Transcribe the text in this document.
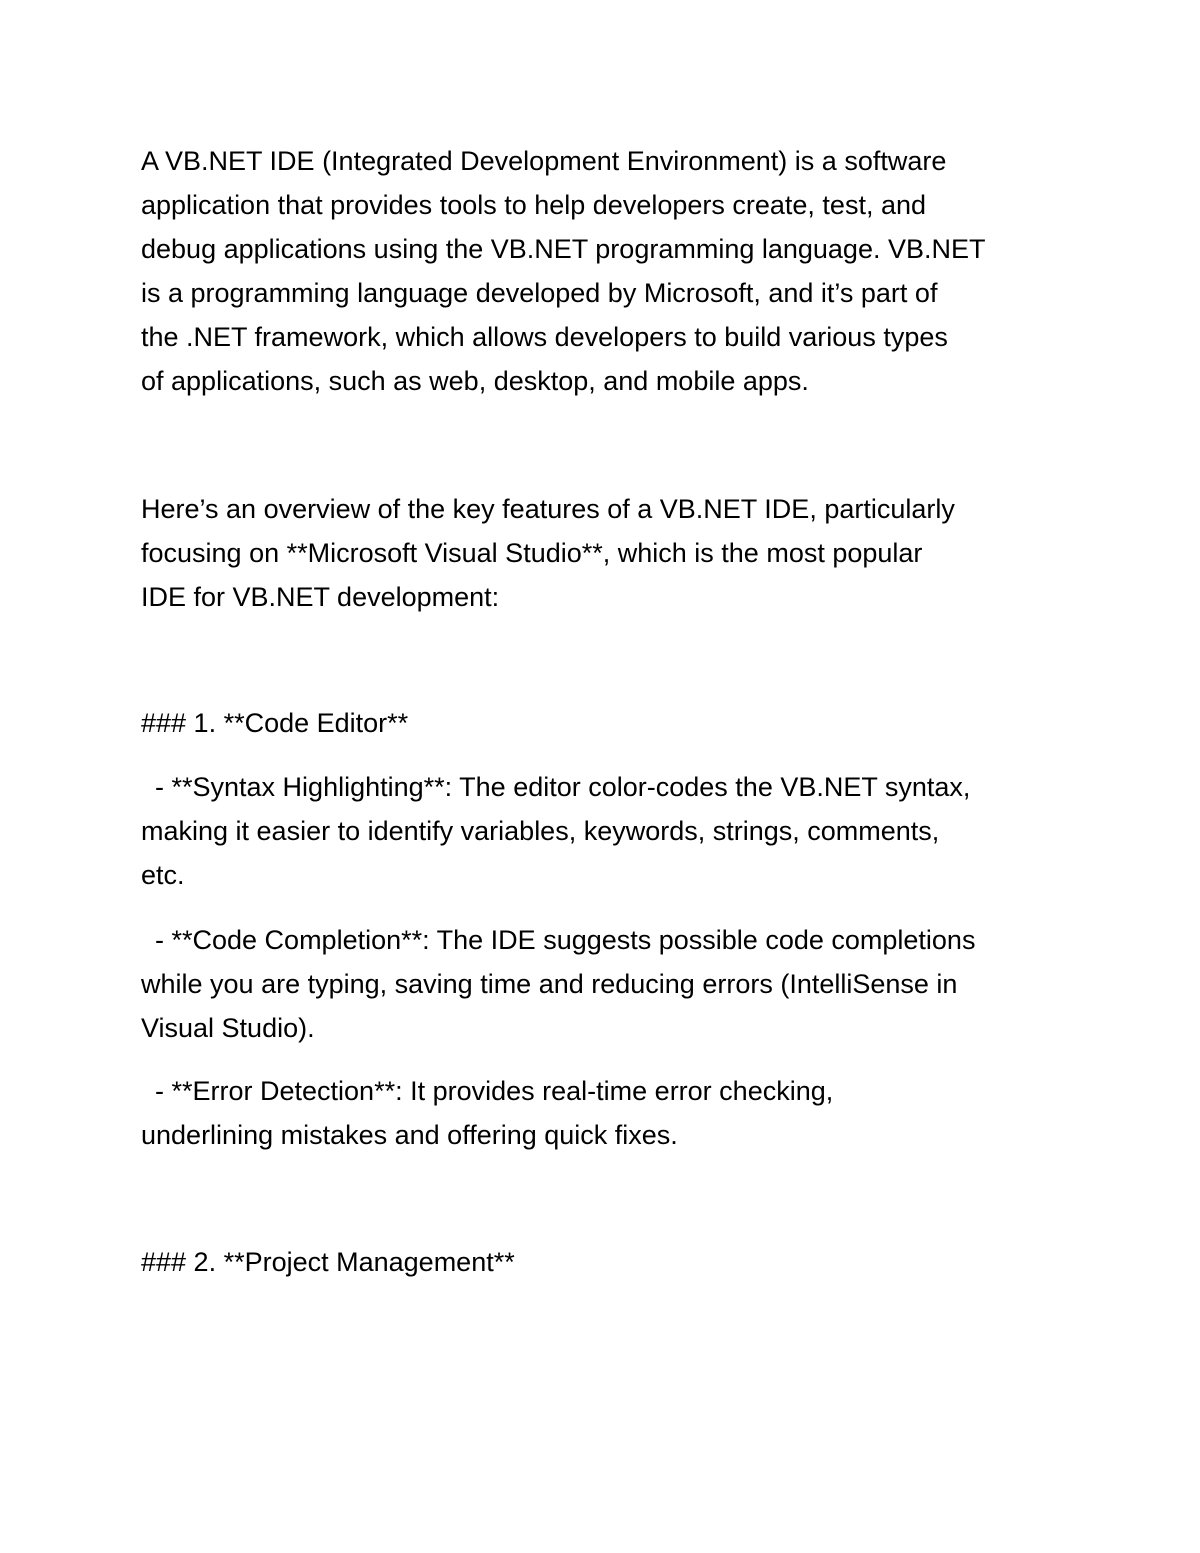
A VB.NET IDE (Integrated Development Environment) is a software
application that provides tools to help developers create, test, and
debug applications using the VB.NET programming language. VB.NET
is a programming language developed by Microsoft, and it’s part of
the .NET framework, which allows developers to build various types
of applications, such as web, desktop, and mobile apps.
Here’s an overview of the key features of a VB.NET IDE, particularly
focusing on **Microsoft Visual Studio**, which is the most popular
IDE for VB.NET development:
### 1. **Code Editor**
- **Syntax Highlighting**: The editor color-codes the VB.NET syntax,
making it easier to identify variables, keywords, strings, comments,
etc.
- **Code Completion**: The IDE suggests possible code completions
while you are typing, saving time and reducing errors (IntelliSense in
Visual Studio).
- **Error Detection**: It provides real-time error checking,
underlining mistakes and offering quick fixes.
### 2. **Project Management**
